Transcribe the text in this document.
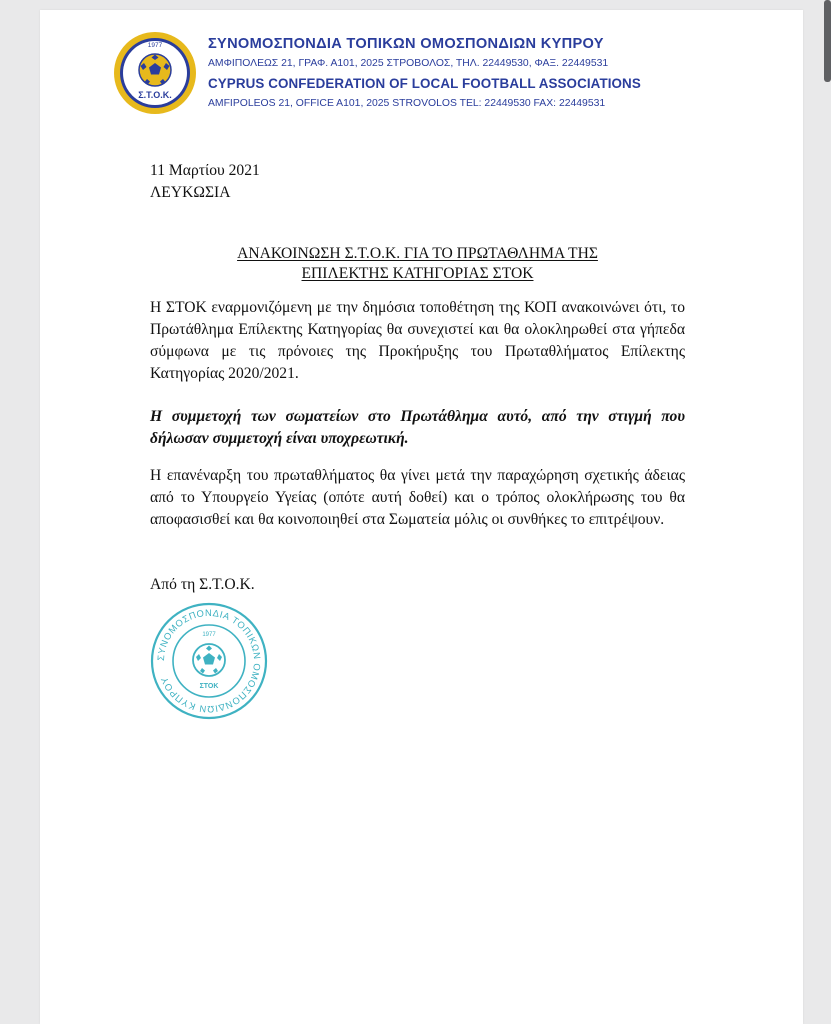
1977
Σ.Τ.Ο.Κ.
ΣΥΝΟΜΟΣΠΟΝΔΙΑ ΤΟΠΙΚΩΝ ΟΜΟΣΠΟΝΔΙΩΝ ΚΥΠΡΟΥ
ΑΜΦΙΠΟΛΕΩΣ 21, ΓΡΑΦ. Α101, 2025 ΣΤΡΟΒΟΛΟΣ, ΤΗΛ. 22449530, ΦΑΞ. 22449531
CYPRUS CONFEDERATION OF LOCAL FOOTBALL ASSOCIATIONS
AMFIPOLEOS 21, OFFICE A101, 2025 STROVOLOS TEL: 22449530 FAX: 22449531
11 Μαρτίου 2021
ΛΕΥΚΩΣΙΑ
ΑΝΑΚΟΙΝΩΣΗ Σ.Τ.Ο.Κ. ΓΙΑ ΤΟ ΠΡΩΤΑΘΛΗΜΑ ΤΗΣ
ΕΠΙΛΕΚΤΗΣ ΚΑΤΗΓΟΡΙΑΣ ΣΤΟΚ
Η ΣΤΟΚ εναρμονιζόμενη με την δημόσια τοποθέτηση της ΚΟΠ ανακοινώνει ότι, το Πρωτάθλημα Επίλεκτης Κατηγορίας θα συνεχιστεί και θα ολοκληρωθεί στα γήπεδα σύμφωνα με τις πρόνοιες της Προκήρυξης του Πρωταθλήματος Επίλεκτης Κατηγορίας 2020/2021.
Η συμμετοχή των σωματείων στο Πρωτάθλημα αυτό, από την στιγμή που δήλωσαν συμμετοχή είναι υποχρεωτική.
Η επανέναρξη του πρωταθλήματος θα γίνει μετά την παραχώρηση σχετικής άδειας από το Υπουργείο Υγείας (οπότε αυτή δοθεί) και ο τρόπος ολοκλήρωσης του θα αποφασισθεί και θα κοινοποιηθεί στα Σωματεία μόλις οι συνθήκες το επιτρέψουν.
Από τη Σ.Τ.Ο.Κ.
ΣΥΝΟΜΟΣΠΟΝΔΙΑ ΤΟΠΙΚΩΝ ΟΜΟΣΠΟΝΔΙΩΝ ΚΥΠΡΟΥ
1977
ΣΤΟΚ
